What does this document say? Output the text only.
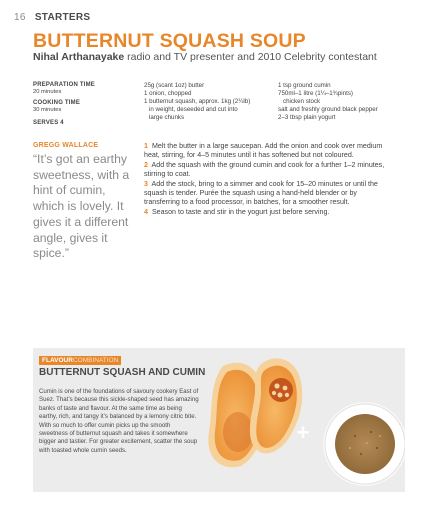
16 STARTERS
BUTTERNUT SQUASH SOUP
Nihal Arthanayake radio and TV presenter and 2010 Celebrity contestant
PREPARATION TIME
20 minutes
COOKING TIME
30 minutes
SERVES 4
25g (scant 1oz) butter
1 onion, chopped
1 butternut squash, approx. 1kg (2¼lb)
in weight, deseeded and cut into
large chunks
1 tsp ground cumin
750ml–1 litre (1¼–1¾pints)
chicken stock
salt and freshly ground black pepper
2–3 tbsp plain yogurt
GREGG WALLACE
“It’s got an earthy sweetness, with a hint of cumin, which is lovely. It gives it a different angle, gives it spice.”
1 Melt the butter in a large saucepan. Add the onion and cook over medium heat, stirring, for 4–5 minutes until it has softened but not coloured.
2 Add the squash with the ground cumin and cook for a further 1–2 minutes, stirring to coat.
3 Add the stock, bring to a simmer and cook for 15–20 minutes or until the squash is tender. Purée the squash using a hand-held blender or by transferring to a food processor, in batches, for a smoother result.
4 Season to taste and stir in the yogurt just before serving.
FLAVOURCOMBINATION
BUTTERNUT SQUASH AND CUMIN
Cumin is one of the foundations of savoury cookery East of Suez. That’s because this sickle-shaped seed has amazing banks of taste and flavour. At the same time as being earthy, rich, and tangy it’s balanced by a lemony citric bite. With so much to offer cumin picks up the smooth sweetness of butternut squash and takes it somewhere bigger and tastier. For greater excitement, scatter the soup with toasted whole cumin seeds.
+
